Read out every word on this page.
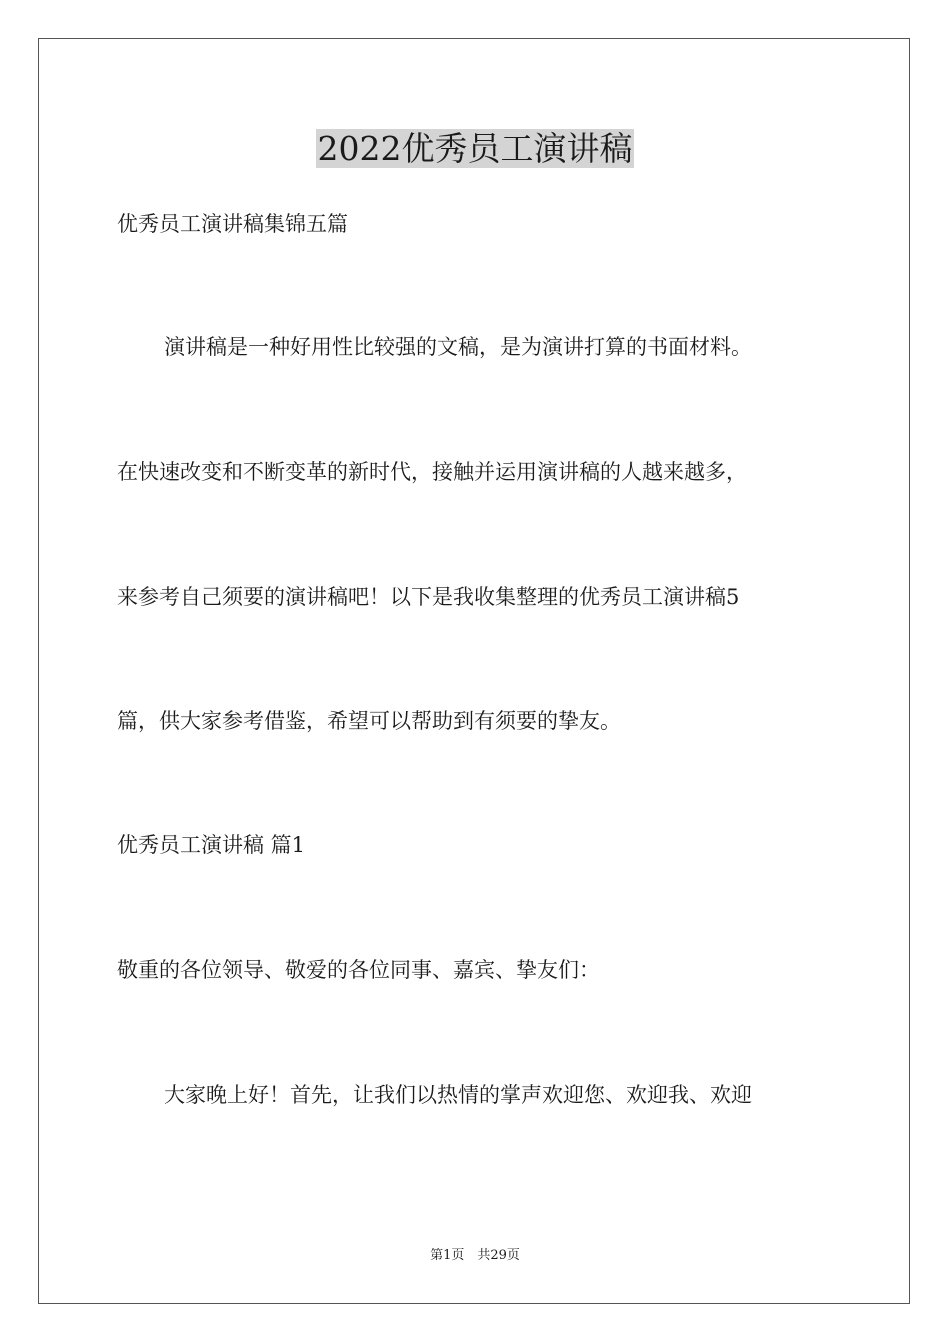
2022优秀员工演讲稿

优秀员工演讲稿集锦五篇

演讲稿是一种好用性比较强的文稿，是为演讲打算的书面材料。

在快速改变和不断变革的新时代，接触并运用演讲稿的人越来越多，

来参考自己须要的演讲稿吧！以下是我收集整理的优秀员工演讲稿5

篇，供大家参考借鉴，希望可以帮助到有须要的挚友。

优秀员工演讲稿 篇1

敬重的各位领导、敬爱的各位同事、嘉宾、挚友们：

大家晚上好！首先，让我们以热情的掌声欢迎您、欢迎我、欢迎

第1页　共29页
